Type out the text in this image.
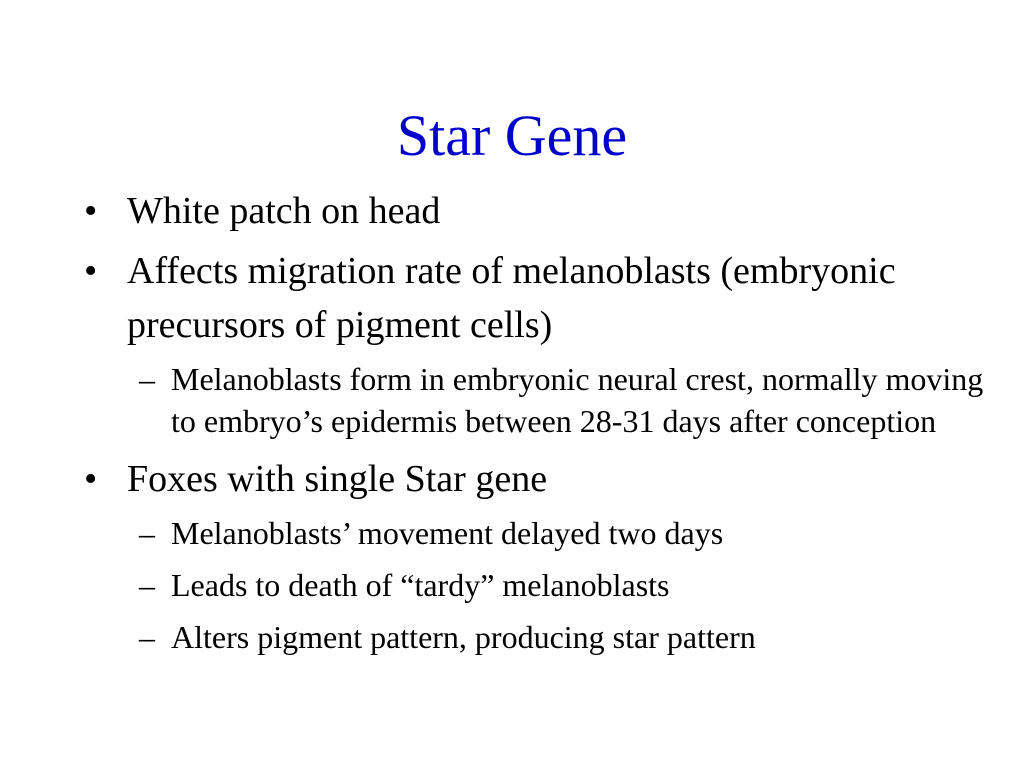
Star Gene
• White patch on head
• Affects migration rate of melanoblasts (embryonic precursors of pigment cells)
– Melanoblasts form in embryonic neural crest, normally moving to embryo’s epidermis between 28-31 days after conception
• Foxes with single Star gene
– Melanoblasts’ movement delayed two days
– Leads to death of “tardy” melanoblasts
– Alters pigment pattern, producing star pattern
